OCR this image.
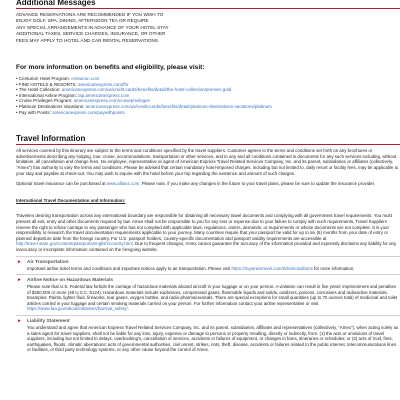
Additional Messages

ADVANCE RESERVATIONS ARE RECOMMENDED IF YOU WISH TO

ENJOY GOLF, SPA, DINING, AFTERNOON TEA OR REQUIRE

ANY SPECIAL ARRANGEMENTS IN ADVANCE OF YOUR HOTEL STAY

ADDITIONAL TAXES, SERVICE CHARGES, INSURANCE, OR OTHER

FEES MAY APPLY TO HOTEL AND CAR RENTAL RESERVATIONS

For more information on benefits and eligibility, please visit:
• Centurion Hotel Program: centurion.com
• FINE HOTELS & RESORTS: americanexpress.com/fhr
• The Hotel Collection: americanexpress.com/us/credit-cards/benefits/detail/the-hotel-collection/premier-gold
• International Airline Program: iap.americanexpress.com
• Cruise Privileges Program: americanexpress.com/cruiseprivileges
• Platinum Destinations Vacations: americanexpress.com/us/credit-cards/benefits/detail/platinum-destinations-vacations/platinum
• Pay with Points: americanexpress.com/paywithpoints
Travel Information

All services covered by this itinerary are subject to the terms and conditions specified by the travel suppliers. Customer agrees to the terms and conditions set forth on any brochures or advertisements describing any lodging, tour, cruise, accommodations, transportation or other services, and to any and all conditions contained in documents for any such services including, without limitation, all cancellation and change fees. No employee, representative or agent of American Express Travel Related Services Company, Inc. and its parent, subsidiaries or affiliates (collectively, "Amex") has authority to vary the terms and conditions. Please be advised that certain mandatory hotel-imposed charges, including but not limited to, daily resort or facility fees, may be applicable to your stay and payable at check-out. You may wish to inquire with the hotel before your trip regarding the existence and amount of such charges.

Optional travel insurance can be purchased at www.allianz.com. Please note, if you make any changes in the future to your travel plans, please be sure to update the insurance provider.

International Travel Documentation and Information:

Travelers desiring transportation across any international boundary are responsible for obtaining all necessary travel documents and complying with all government travel requirements. You must present all exit, entry and other documents required by law. Amex shall not be responsible to you for any loss or expense due to your failure to comply with such requirements. Travel Suppliers reserve the right to refuse carriage to any passenger who has not complied with applicable laws, regulations, orders, demands, or requirements or whose documents are not complete. It is your responsibility to research the travel documentation requirements applicable to your journey. Many countries require that your passport be valid for up to six (6) months from your date of entry or planned departure date from the foreign country. For U.S. passport holders, country-specific documentation and passport validity requirements are accessible at http://travel.state.gov/content/passports/english/country.html. Due to frequent changes, Amex cannot guarantee the accuracy of the information provided and expressly disclaims any liability for any inaccuracy or incomplete information contained on the foregoing website.

► Air Transportation

Important airline ticket terms and conditions and important notices apply to air transportation. Please visit https://myamextravel.com/ticketconditions for more information.

► Airline Notice on Hazardous Materials

Please note that U.S. Federal law forbids the carriage of hazardous materials aboard aircraft in your luggage or on your person. A violation can result in five years' imprisonment and penalties of $250,000 or more (49 U.S.C. 5124). Hazardous materials include explosives, compressed gases, flammable liquids and solids, oxidizers, poisons, corrosives and radioactive materials. Examples: Paints, lighter fluid, fireworks, tear gases, oxygen bottles, and radio-pharmaceuticals. There are special exceptions for small quantities (up to 70 ounces total) of medicinal and toilet articles carried in your luggage and certain smoking materials carried on your person. For further information contact your airline representative or visit https://www.faa.gov/about/initiatives/hazmat_safety/.

► Liability Statement

You understand and agree that American Express Travel Related Services Company, Inc. and its parent, subsidiaries, affiliates and representatives (collectively, "Amex"), when acting solely as a sales agent for travel suppliers, shall not be liable for any loss, injury, expense or damage to persons or property resulting, directly or indirectly, from: (1) the acts or omissions of travel suppliers, including but not limited to delays, overbooking's, cancellation of services, accidents or failures of equipment, or changes in fares, itineraries or schedules; or (2) acts of God, fires, earthquakes, floods, climatic aberrations; acts of governmental authorities, civil unrest, strikes, riots, theft, disease, accidents or failures related to the public internet, telecommunications lines or facilities, or third party technology systems, or any other cause beyond the control of Amex.
